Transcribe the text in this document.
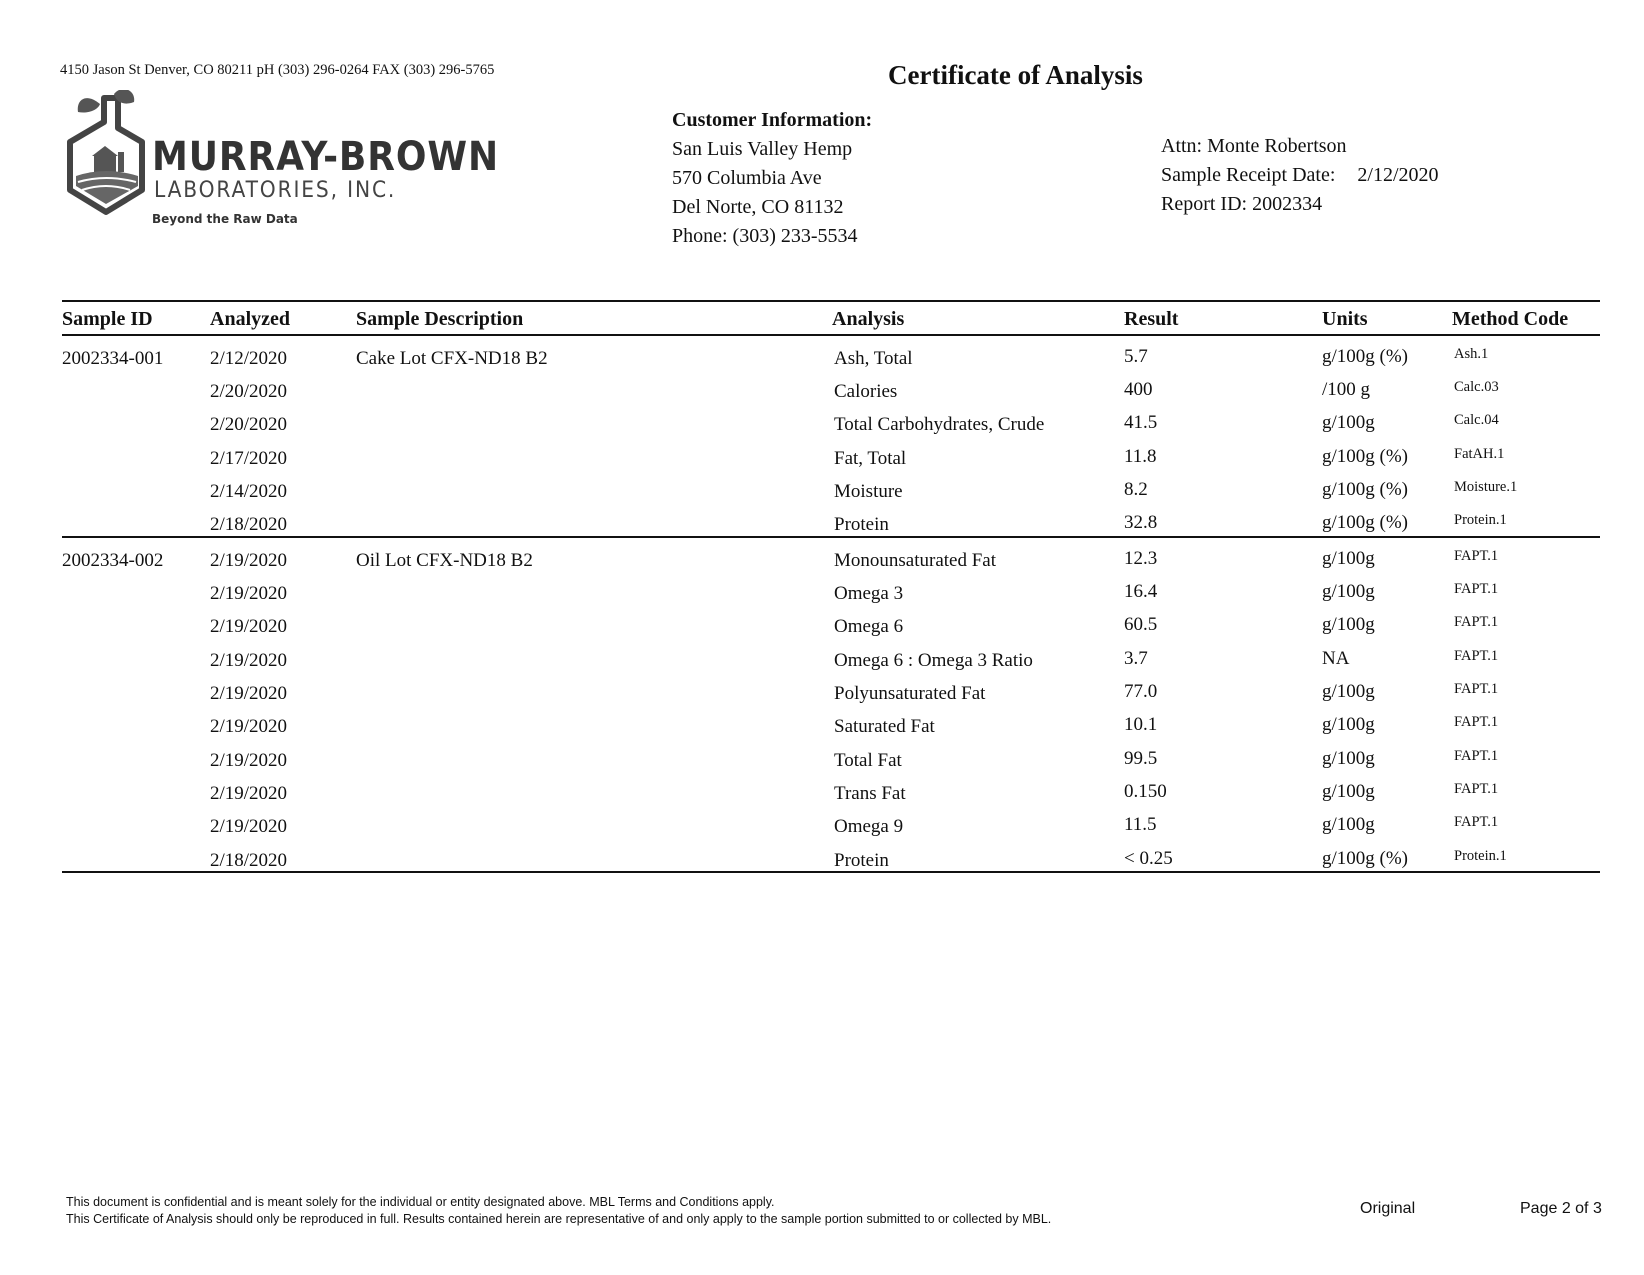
4150 Jason St Denver, CO 80211 pH (303) 296-0264 FAX (303) 296-5765	Certificate of Analysis
MURRAY-BROWN
LABORATORIES, INC.
Beyond the Raw Data
Customer Information:
San Luis Valley Hemp
570 Columbia Ave
Del Norte, CO 81132
Phone: (303) 233-5534
Attn: Monte Robertson
Sample Receipt Date: 2/12/2020
Report ID: 2002334
Sample ID	Analyzed	Sample Description	Analysis	Result	Units	Method Code
2002334-001 2/12/2020	Cake Lot CFX-ND18 B2	Ash, Total	5.7	g/100g (%)	Ash.1
2/20/2020	Calories	400	/100 g	Calc.03
2/20/2020	Total Carbohydrates, Crude	41.5	g/100g	Calc.04
2/17/2020	Fat, Total	11.8	g/100g (%)	FatAH.1
2/14/2020	Moisture	8.2	g/100g (%)	Moisture.1
2/18/2020	Protein	32.8	g/100g (%)	Protein.1
2002334-002 2/19/2020	Oil Lot CFX-ND18 B2	Monounsaturated Fat	12.3	g/100g	FAPT.1
2/19/2020	Omega 3	16.4	g/100g	FAPT.1
2/19/2020	Omega 6	60.5	g/100g	FAPT.1
2/19/2020	Omega 6 : Omega 3 Ratio	3.7	NA	FAPT.1
2/19/2020	Polyunsaturated Fat	77.0	g/100g	FAPT.1
2/19/2020	Saturated Fat	10.1	g/100g	FAPT.1
2/19/2020	Total Fat	99.5	g/100g	FAPT.1
2/19/2020	Trans Fat	0.150	g/100g	FAPT.1
2/19/2020	Omega 9	11.5	g/100g	FAPT.1
2/18/2020	Protein	< 0.25	g/100g (%)	Protein.1
This document is confidential and is meant solely for the individual or entity designated above. MBL Terms and Conditions apply.
This Certificate of Analysis should only be reproduced in full. Results contained herein are representative of and only apply to the sample portion submitted to or collected by MBL.
Original	Page 2 of 3
